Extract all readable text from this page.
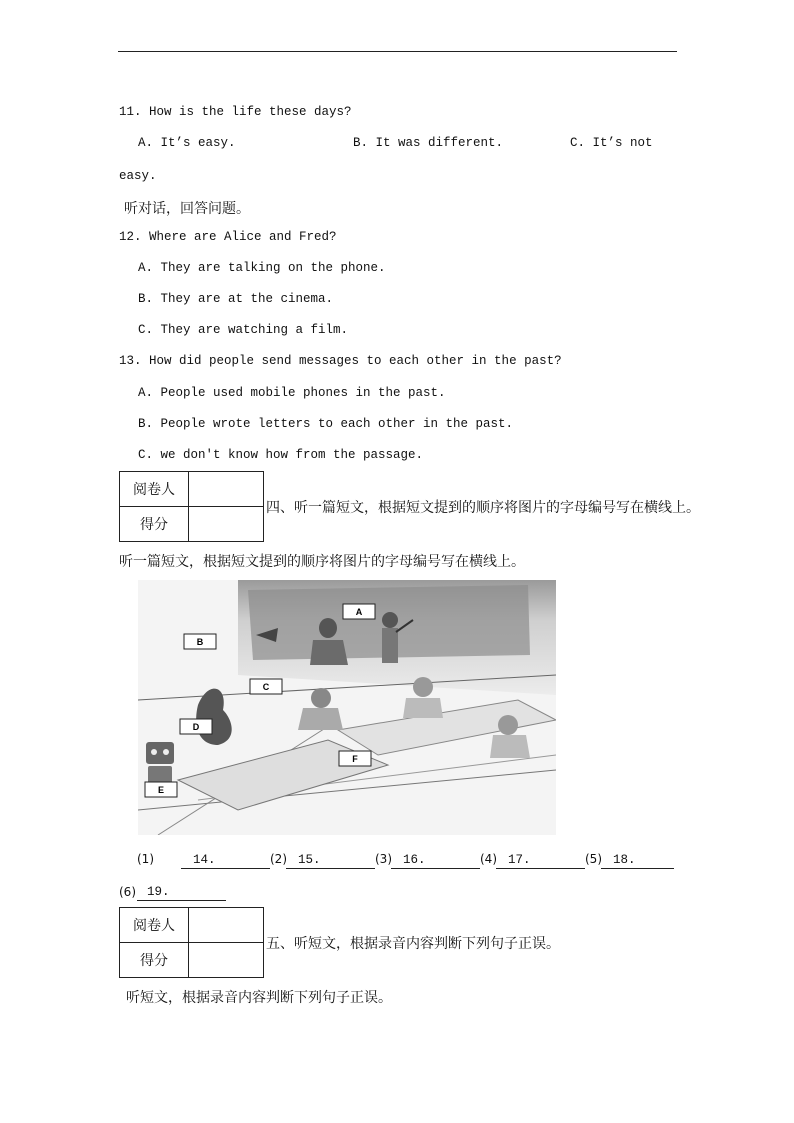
11. How is the life these days?
A. It’s easy.	B. It was different.	C. It’s not
easy.
听对话，回答问题。
12. Where are Alice and Fred?
A. They are talking on the phone.
B. They are at the cinema.
C. They are watching a film.
13. How did people send messages to each other in the past?
A. People used mobile phones in the past.
B. People wrote letters to each other in the past.
C. we don't know how from the passage.
阅卷人	
得分	
四、听一篇短文，根据短文提到的顺序将图片的字母编号写在横线上。
听一篇短文，根据短文提到的顺序将图片的字母编号写在横线上。
A
B
C
D
E
F
(1)	14.	(2) 15.	(3) 16.	(4) 17.	(5) 18.
(6) 19.
阅卷人	
得分	
五、听短文，根据录音内容判断下列句子正误。
听短文，根据录音内容判断下列句子正误。
